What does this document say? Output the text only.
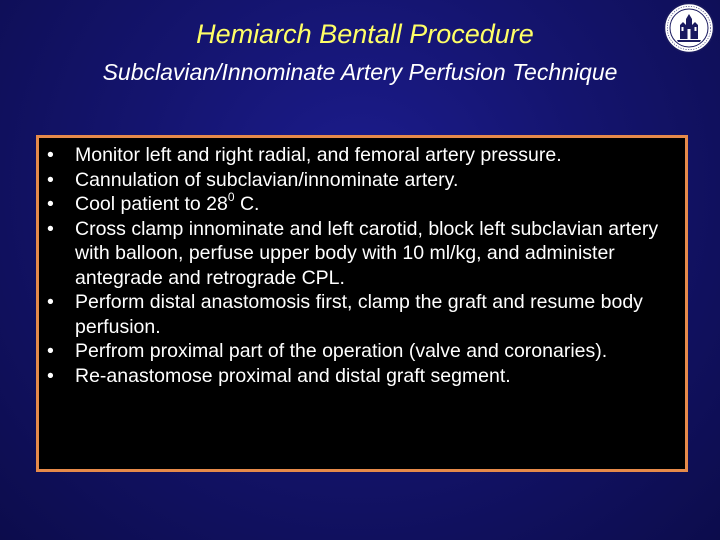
Hemiarch Bentall Procedure
Subclavian/Innominate Artery Perfusion Technique
•	Monitor left and right radial, and femoral artery pressure.
•	Cannulation of subclavian/innominate artery.
•	Cool patient to $28^0$ C.
•	Cross clamp innominate and left carotid, block left subclavian artery with balloon, perfuse upper body with 10 ml/kg, and administer antegrade and retrograde CPL.
•	Perform distal anastomosis first, clamp the graft and resume body perfusion.
•	Perfrom proximal part of the operation (valve and coronaries).
•	Re-anastomose proximal and distal graft segment.
